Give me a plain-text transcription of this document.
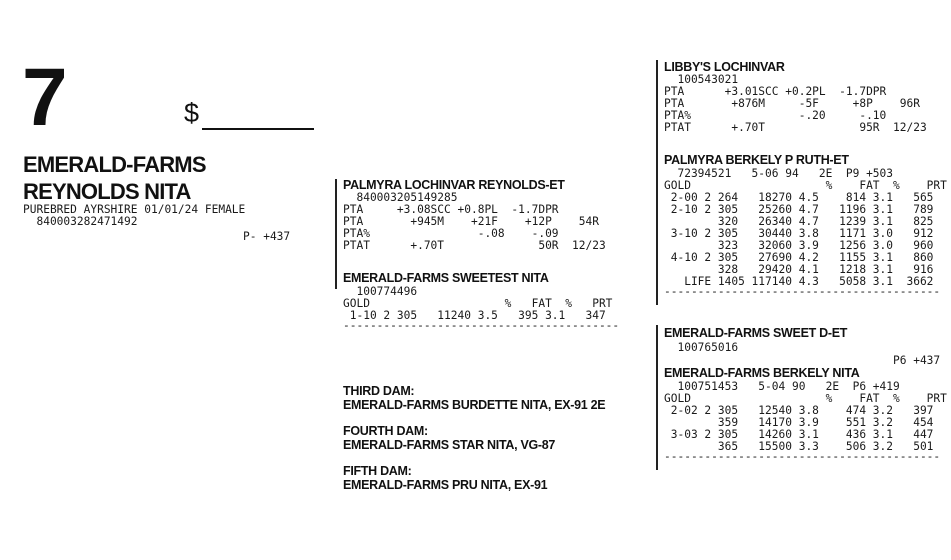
7	$
EMERALD-FARMS
REYNOLDS NITA
PUREBRED AYRSHIRE 01/01/24 FEMALE
840003282471492
P- +437
PALMYRA LOCHINVAR REYNOLDS-ET
840003205149285
PTA     +3.08SCC +0.8PL  -1.7DPR
PTA       +945M    +21F    +12P    54R
PTA%                -.08    -.09
PTAT      +.70T              50R  12/23
EMERALD-FARMS SWEETEST NITA
100774496
GOLD                    %   FAT  %   PRT
1-10 2 305   11240 3.5   395 3.1   347
-----------------------------------------
THIRD DAM:
EMERALD-FARMS BURDETTE NITA, EX-91 2E
FOURTH DAM:
EMERALD-FARMS STAR NITA, VG-87
FIFTH DAM:
EMERALD-FARMS PRU NITA, EX-91
LIBBY'S LOCHINVAR
100543021
PTA      +3.01SCC +0.2PL  -1.7DPR
PTA       +876M     -5F     +8P    96R
PTA%                -.20     -.10
PTAT      +.70T              95R  12/23
PALMYRA BERKELY P RUTH-ET
72394521   5-06 94   2E  P9 +503
GOLD                    %    FAT  %    PRT
2-00 2 264   18270 4.5    814 3.1   565
2-10 2 305   25260 4.7   1196 3.1   789
320   26340 4.7   1239 3.1   825
3-10 2 305   30440 3.8   1171 3.0   912
323   32060 3.9   1256 3.0   960
4-10 2 305   27690 4.2   1155 3.1   860
328   29420 4.1   1218 3.1   916
LIFE 1405 117140 4.3   5058 3.1  3662
-----------------------------------------
EMERALD-FARMS SWEET D-ET
100765016
P6 +437
EMERALD-FARMS BERKELY NITA
100751453   5-04 90   2E  P6 +419
GOLD                    %    FAT  %    PRT
2-02 2 305   12540 3.8    474 3.2   397
359   14170 3.9    551 3.2   454
3-03 2 305   14260 3.1    436 3.1   447
365   15500 3.3    506 3.2   501
-----------------------------------------
